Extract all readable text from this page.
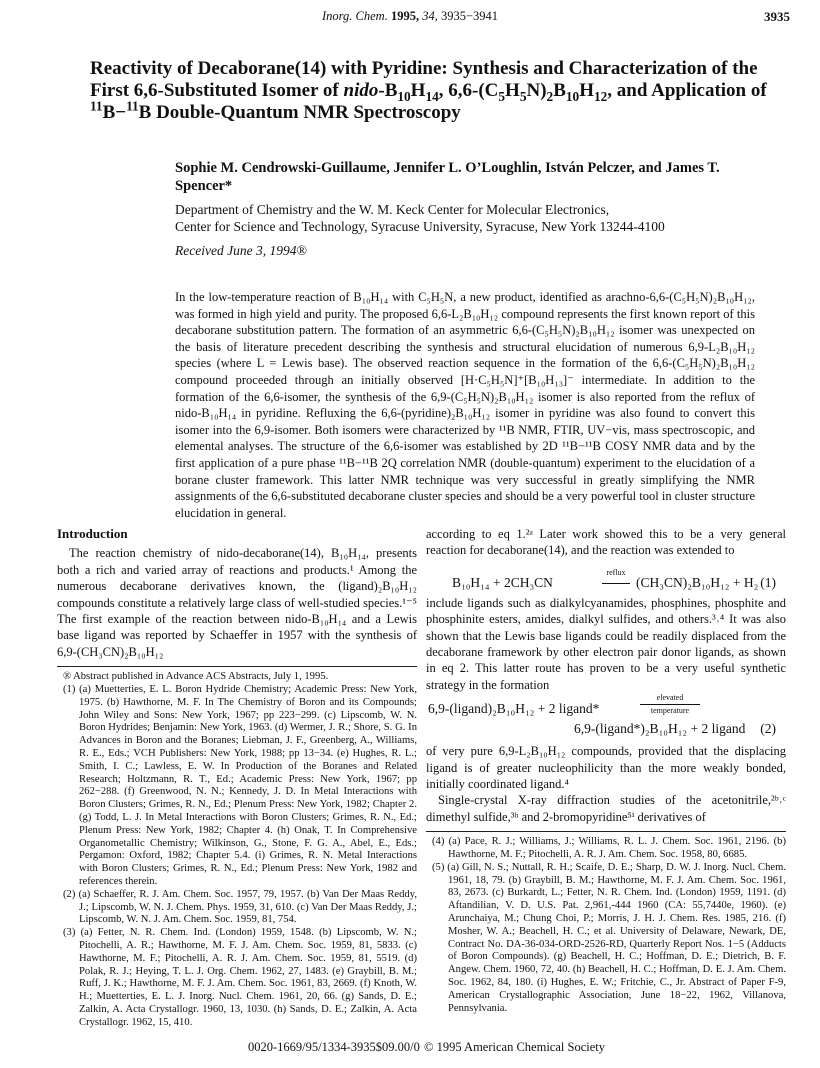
Inorg. Chem. 1995, 34, 3935−3941	3935
Reactivity of Decaborane(14) with Pyridine: Synthesis and Characterization of the First 6,6-Substituted Isomer of nido-$B_{10}H_{14}$, $6,6-(C_5H_5N)_2B_{10}H_{12}$, and Application of $^{11}$B−$^{11}$B Double-Quantum NMR Spectroscopy
Sophie M. Cendrowski-Guillaume, Jennifer L. O’Loughlin, István Pelczer, and James T. Spencer*
Department of Chemistry and the W. M. Keck Center for Molecular Electronics,
Center for Science and Technology, Syracuse University, Syracuse, New York 13244-4100
Received June 3, 1994®
In the low-temperature reaction of B₁₀H₁₄ with C₅H₅N, a new product, identified as arachno-6,6-(C₅H₅N)₂B₁₀H₁₂, was formed in high yield and purity. The proposed 6,6-L₂B₁₀H₁₂ compound represents the first known report of this decaborane substitution pattern. The formation of an asymmetric 6,6-(C₅H₅N)₂B₁₀H₁₂ isomer was unexpected on the basis of literature precedent describing the synthesis and structural elucidation of numerous 6,9-L₂B₁₀H₁₂ species (where L = Lewis base). The observed reaction sequence in the formation of the 6,6-(C₅H₅N)₂B₁₀H₁₂ compound proceeded through an initially observed [H·C₅H₅N]⁺[B₁₀H₁₃]⁻ intermediate. In addition to the formation of the 6,6-isomer, the synthesis of the 6,9-(C₅H₅N)₂B₁₀H₁₂ isomer is also reported from the reflux of nido-B₁₀H₁₄ in pyridine. Refluxing the 6,6-(pyridine)₂B₁₀H₁₂ isomer in pyridine was also found to convert this isomer into the 6,9-isomer. Both isomers were characterized by ¹¹B NMR, FTIR, UV−vis, mass spectroscopic, and elemental analyses. The structure of the 6,6-isomer was established by 2D ¹¹B−¹¹B COSY NMR data and by the first application of a pure phase ¹¹B−¹¹B 2Q correlation NMR (double-quantum) experiment to the elucidation of a borane cluster framework. This latter NMR technique was very successful in greatly simplifying the NMR assignments of the 6,6-substituted decaborane cluster species and should be a very powerful tool in cluster structure elucidation in general.
Introduction

The reaction chemistry of nido-decaborane(14), B₁₀H₁₄, presents both a rich and varied array of reactions and products.¹ Among the numerous decaborane derivatives known, the (ligand)₂B₁₀H₁₂ compounds constitute a relatively large class of well-studied species.¹⁻⁵ The first example of the reaction between nido-B₁₀H₁₄ and a Lewis base ligand was reported by Schaeffer in 1957 with the synthesis of 6,9-(CH₃CN)₂B₁₀H₁₂

® Abstract published in Advance ACS Abstracts, July 1, 1995.

(1) (a) Muetterties, E. L. Boron Hydride Chemistry; Academic Press: New York, 1975. (b) Hawthorne, M. F. In The Chemistry of Boron and its Compounds; John Wiley and Sons: New York, 1967; pp 223−299. (c) Lipscomb, W. N. Boron Hydrides; Benjamin: New York, 1963. (d) Wermer, J. R.; Shore, S. G. In Advances in Boron and the Boranes; Liebman, J. F., Greenberg, A., Williams, R. E., Eds.; VCH Publishers: New York, 1988; pp 13−34. (e) Hughes, R. L.; Smith, I. C.; Lawless, E. W. In Production of the Boranes and Related Research; Holtzmann, R. T., Ed.; Academic Press: New York, 1967; pp 262−288. (f) Greenwood, N. N.; Kennedy, J. D. In Metal Interactions with Boron Clusters; Grimes, R. N., Ed.; Plenum Press: New York, 1982; Chapter 2. (g) Todd, L. J. In Metal Interactions with Boron Clusters; Grimes, R. N., Ed.; Plenum Press: New York, 1982; Chapter 4. (h) Onak, T. In Comprehensive Organometallic Chemistry; Wilkinson, G., Stone, F. G. A., Abel, E., Eds.; Pergamon: Oxford, 1982; Chapter 5.4. (i) Grimes, R. N. Metal Interactions with Boron Clusters; Grimes, R. N., Ed.; Plenum Press: New York, 1982 and references therein.

(2) (a) Schaeffer, R. J. Am. Chem. Soc. 1957, 79, 1957. (b) Van Der Maas Reddy, J.; Lipscomb, W. N. J. Chem. Phys. 1959, 31, 610. (c) Van Der Maas Reddy, J.; Lipscomb, W. N. J. Am. Chem. Soc. 1959, 81, 754.

(3) (a) Fetter, N. R. Chem. Ind. (London) 1959, 1548. (b) Lipscomb, W. N.; Pitochelli, A. R.; Hawthorne, M. F. J. Am. Chem. Soc. 1959, 81, 5833. (c) Hawthorne, M. F.; Pitochelli, A. R. J. Am. Chem. Soc. 1959, 81, 5519. (d) Polak, R. J.; Heying, T. L. J. Org. Chem. 1962, 27, 1483. (e) Graybill, B. M.; Ruff, J. K.; Hawthorne, M. F. J. Am. Chem. Soc. 1961, 83, 2669. (f) Knoth, W. H.; Muetterties, E. L. J. Inorg. Nucl. Chem. 1961, 20, 66. (g) Sands, D. E.; Zalkin, A. Acta Crystallogr. 1960, 13, 1030. (h) Sands, D. E.; Zalkin, A. Acta Crystallogr. 1962, 15, 410.

according to eq 1.²ᵃ Later work showed this to be a very general reaction for decaborane(14), and the reaction was extended to

B₁₀H₁₄ + 2CH₃CN
reflux
(CH₃CN)₂B₁₀H₁₂ + H₂ (1)

include ligands such as dialkylcyanamides, phosphines, phosphite and phosphinite esters, amides, dialkyl sulfides, and others.³˒⁴ It was also shown that the Lewis base ligands could be readily displaced from the decaborane framework by other electron pair donor ligands, as shown in eq 2. This latter route has proven to be a very useful synthetic strategy in the formation

6,9-(ligand)₂B₁₀H₁₂ + 2 ligand*
elevated
temperature
6,9-(ligand*)₂B₁₀H₁₂ + 2 ligand (2)

of very pure 6,9-L₂B₁₀H₁₂ compounds, provided that the displacing ligand is of greater nucleophilicity than the more weakly bonded, initially coordinated ligand.⁴

Single-crystal X-ray diffraction studies of the acetonitrile,²ᵇ˒ᶜ dimethyl sulfide,³ʰ and 2-bromopyridine⁵ⁱ derivatives of

(4) (a) Pace, R. J.; Williams, J.; Williams, R. L. J. Chem. Soc. 1961, 2196. (b) Hawthorne, M. F.; Pitochelli, A. R. J. Am. Chem. Soc. 1958, 80, 6685.

(5) (a) Gill, N. S.; Nuttall, R. H.; Scaife, D. E.; Sharp, D. W. J. Inorg. Nucl. Chem. 1961, 18, 79. (b) Graybill, B. M.; Hawthorne, M. F. J. Am. Chem. Soc. 1961, 83, 2673. (c) Burkardt, L.; Fetter, N. R. Chem. Ind. (London) 1959, 1191. (d) Aftandilian, V. D. U.S. Pat. 2,961,-444 1960 (CA: 55,7440e, 1960). (e) Arunchaiya, M.; Chung Choi, P.; Morris, J. H. J. Chem. Res. 1985, 216. (f) Mosher, W. A.; Beachell, H. C.; et al. University of Delaware, Newark, DE, Contract No. DA-36-034-ORD-2526-RD, Quarterly Report Nos. 1−5 (Adducts of Boron Compounds). (g) Beachell, H. C.; Hoffman, D. E.; Dietrich, B. F. Angew. Chem. 1960, 72, 40. (h) Beachell, H. C.; Hoffman, D. E. J. Am. Chem. Soc. 1962, 84, 180. (i) Hughes, E. W.; Fritchie, C., Jr. Abstract of Paper F-9, American Crystallographic Association, June 18−22, 1962, Villanova, Pennsylvania.

0020-1669/95/1334-3935$09.00/0 © 1995 American Chemical Society
